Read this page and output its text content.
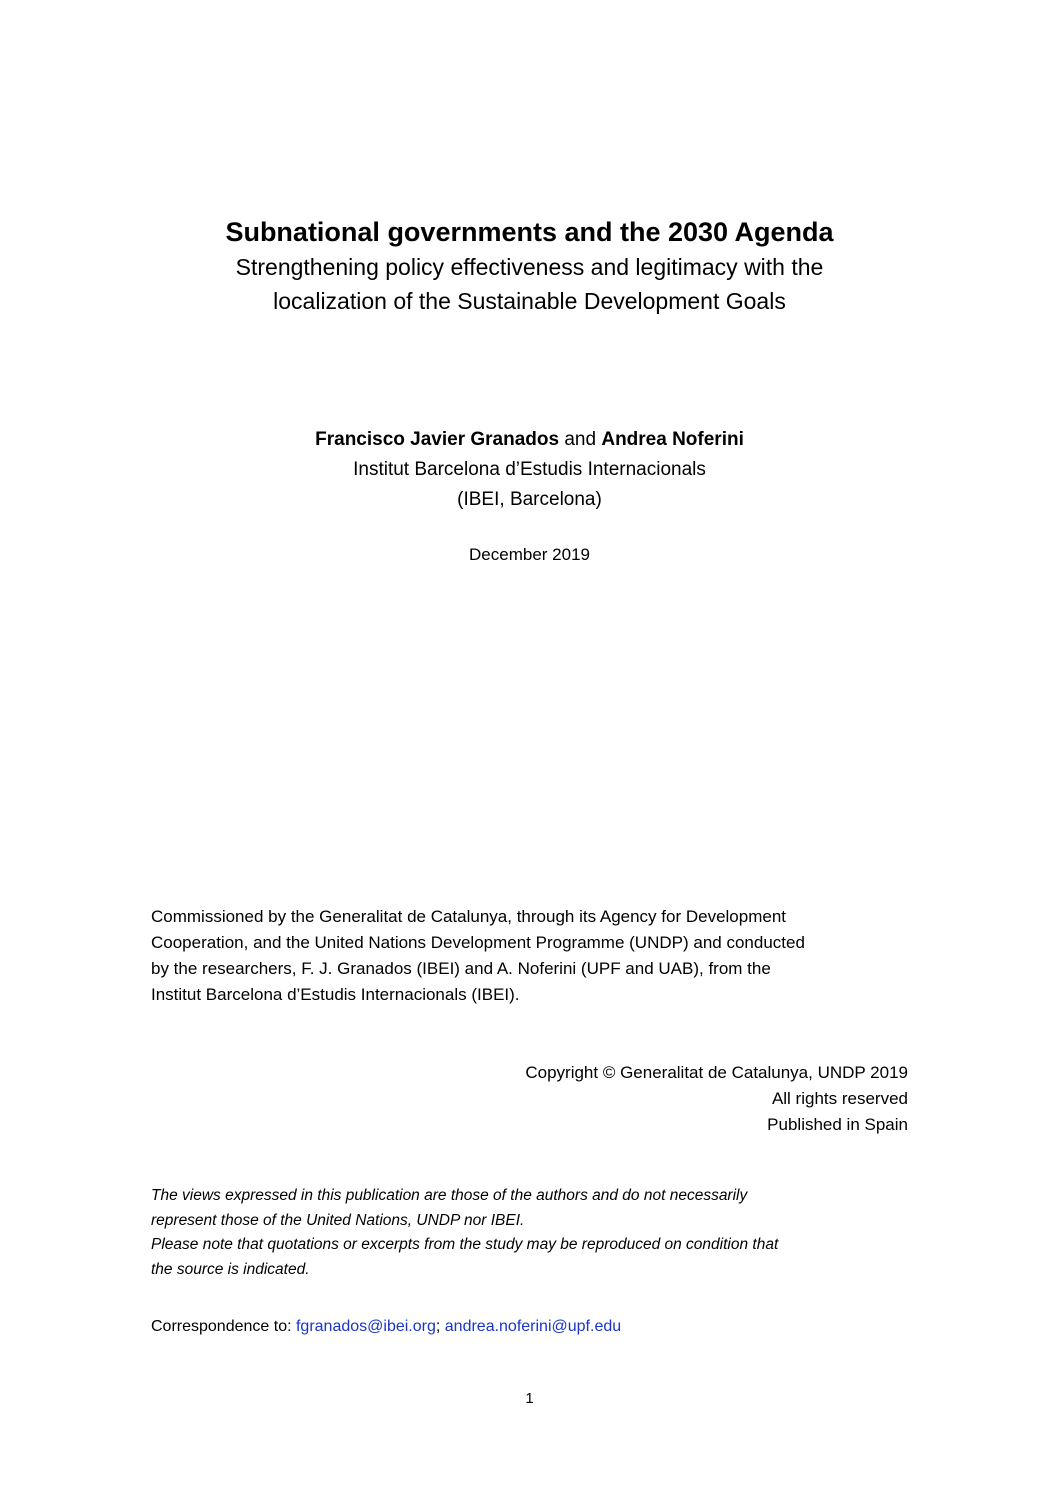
Subnational governments and the 2030 Agenda
Strengthening policy effectiveness and legitimacy with the
localization of the Sustainable Development Goals
Francisco Javier Granados and Andrea Noferini
Institut Barcelona d’Estudis Internacionals
(IBEI, Barcelona)
December 2019
Commissioned by the Generalitat de Catalunya, through its Agency for Development
Cooperation, and the United Nations Development Programme (UNDP) and conducted
by the researchers, F. J. Granados (IBEI) and A. Noferini (UPF and UAB), from the
Institut Barcelona d’Estudis Internacionals (IBEI).
Copyright © Generalitat de Catalunya, UNDP 2019
All rights reserved
Published in Spain
The views expressed in this publication are those of the authors and do not necessarily
represent those of the United Nations, UNDP nor IBEI.
Please note that quotations or excerpts from the study may be reproduced on condition that
the source is indicated.
Correspondence to: fgranados@ibei.org; andrea.noferini@upf.edu
1
